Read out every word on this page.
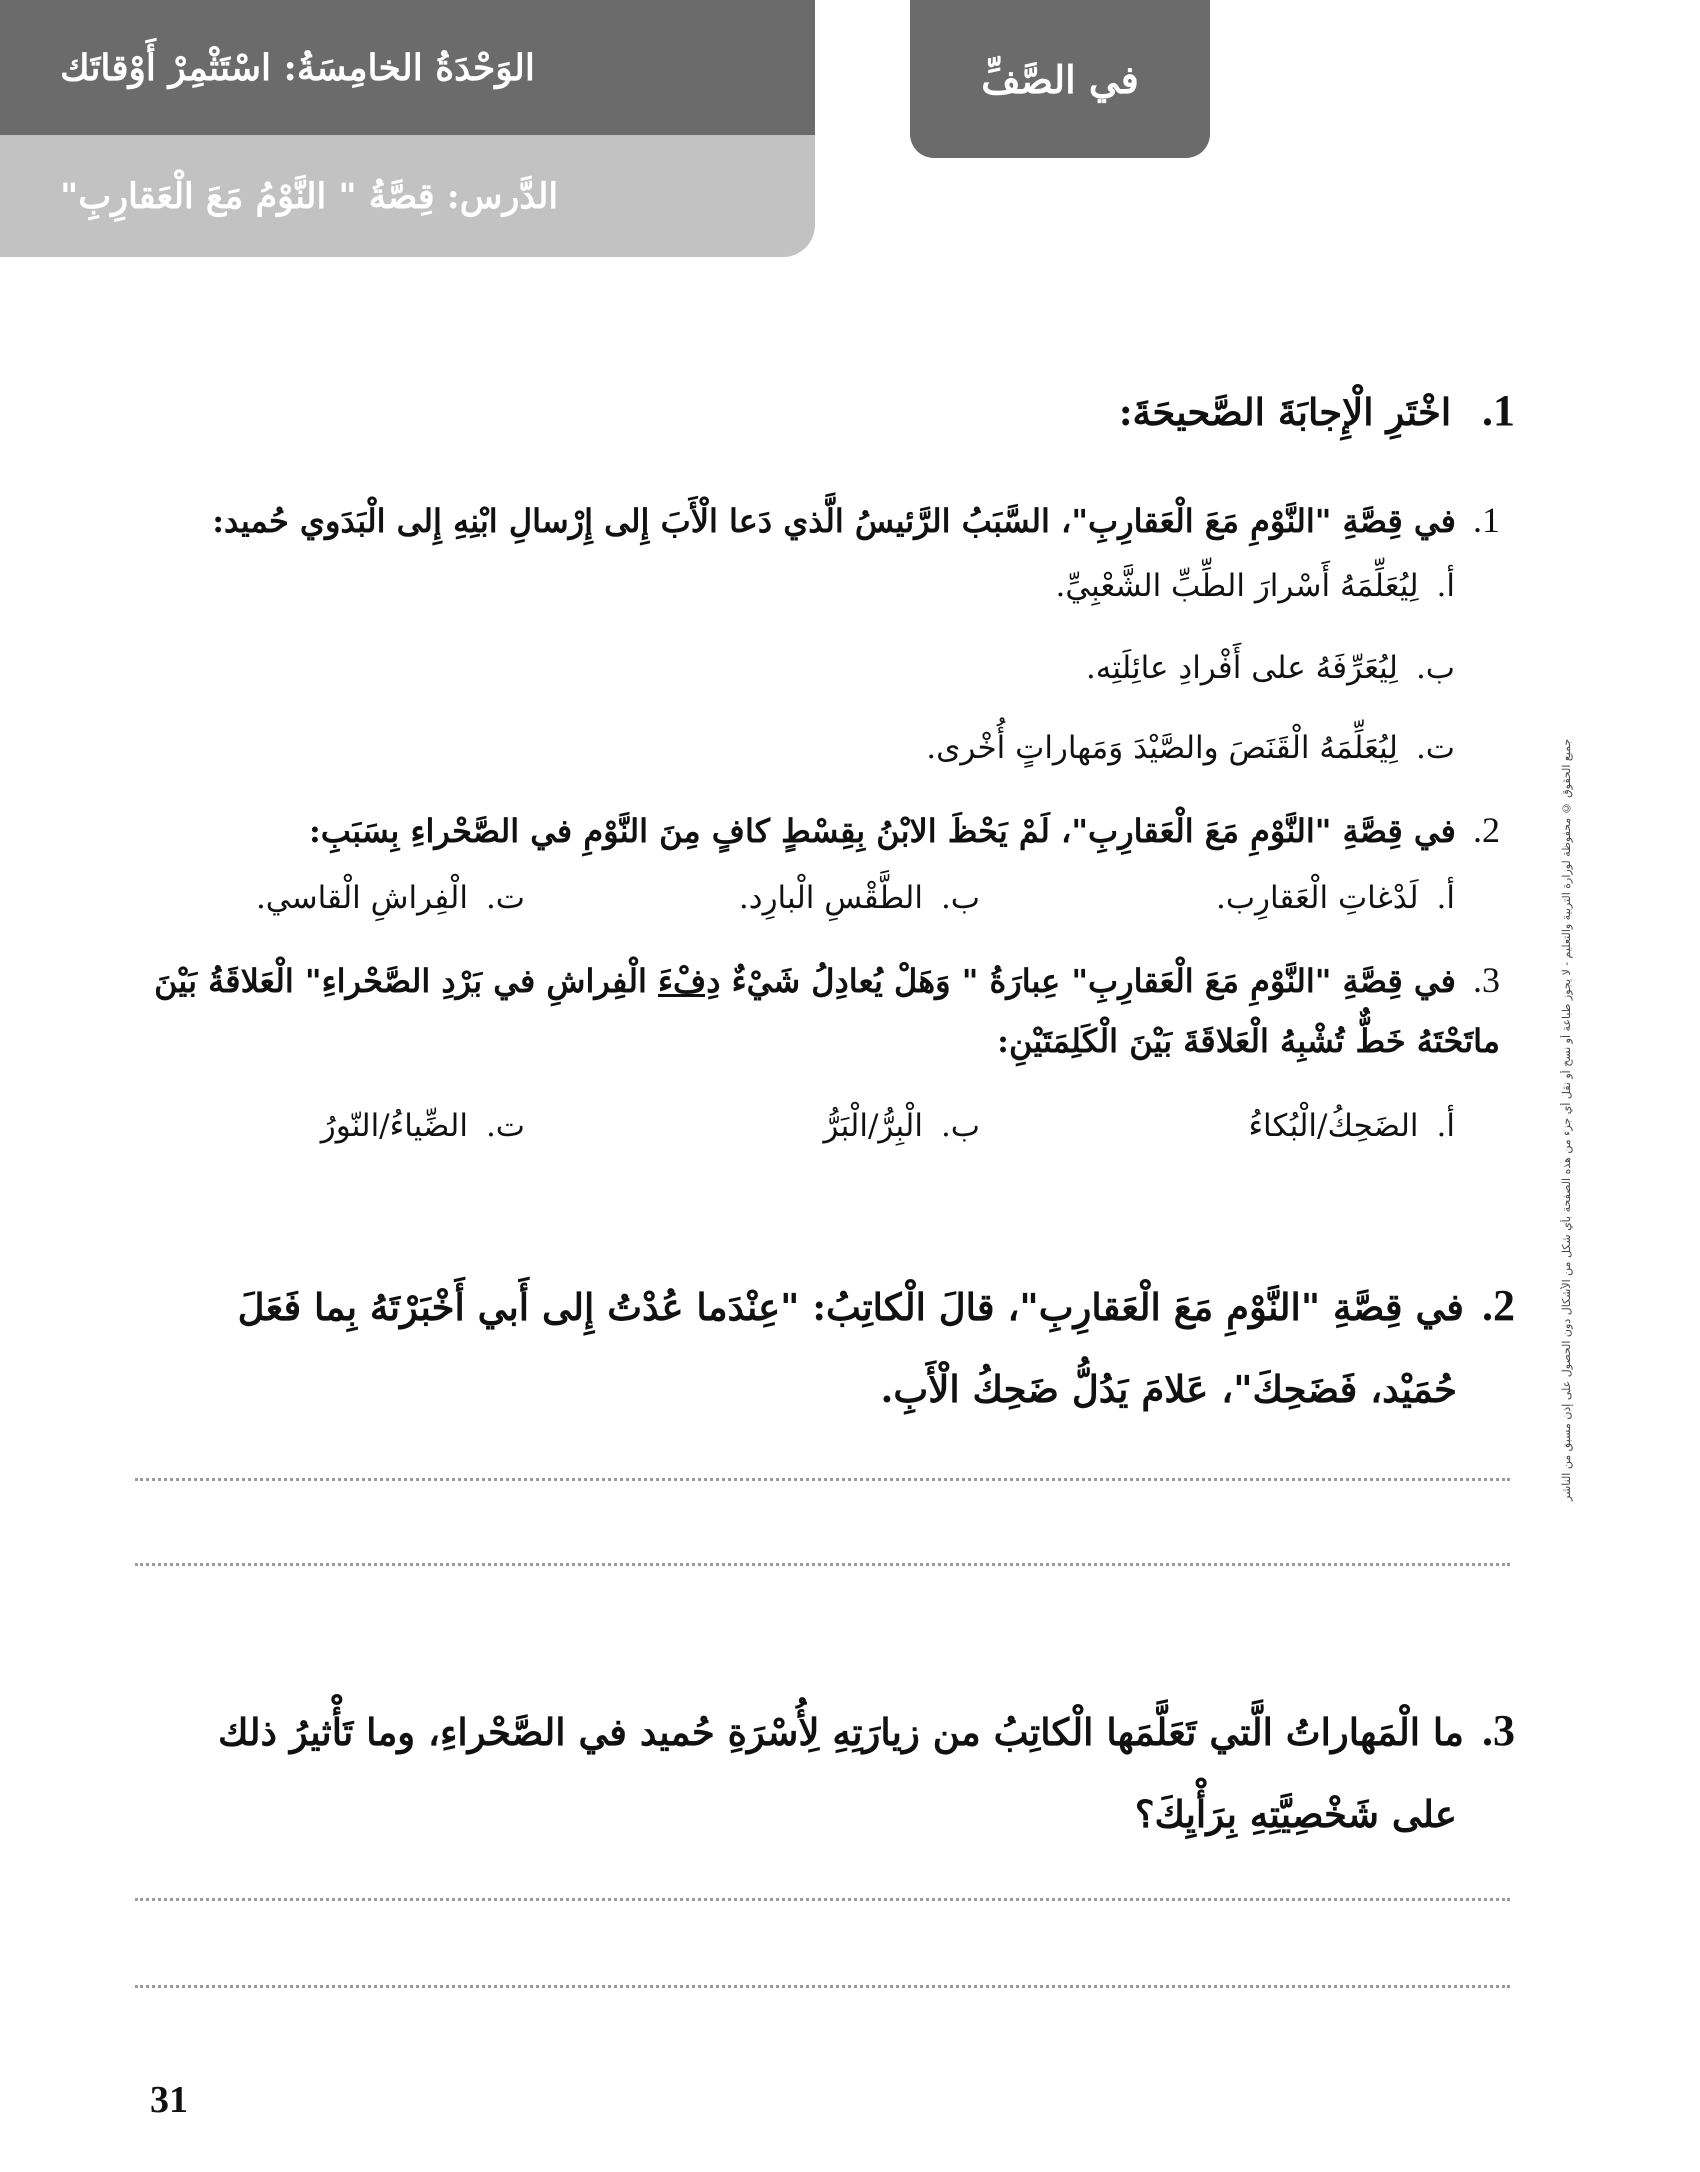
الوَحْدَةُ الخامِسَةُ: اسْتَثْمِرْ أَوْقاتَك
الدَّرس: قِصَّةُ " النَّوْمُ مَعَ الْعَقارِبِ"
في الصَّفِّ
1. اخْتَرِ الْإِجابَةَ الصَّحيحَةَ:
1. في قِصَّةِ "النَّوْمِ مَعَ الْعَقارِبِ"، السَّبَبُ الرَّئيسُ الَّذي دَعا الْأَبَ إِلى إِرْسالِ ابْنِهِ إِلى الْبَدَوي حُميد:
أ.لِيُعَلِّمَهُ أَسْرارَ الطِّبِّ الشَّعْبِيِّ.
ب.لِيُعَرِّفَهُ على أَفْرادِ عائِلَتِه.
ت.لِيُعَلِّمَهُ الْقَنَصَ والصَّيْدَ وَمَهاراتٍ أُخْرى.
2. في قِصَّةِ "النَّوْمِ مَعَ الْعَقارِبِ"، لَمْ يَحْظَ الابْنُ بِقِسْطٍ كافٍ مِنَ النَّوْمِ في الصَّحْراءِ بِسَبَبِ:
أ.لَدْغاتِ الْعَقارِب.
ب.الطَّقْسِ الْبارِد.
ت.الْفِراشِ الْقاسي.
3. في قِصَّةِ "النَّوْمِ مَعَ الْعَقارِبِ" عِبارَةُ " وَهَلْ يُعادِلُ شَيْءٌ دِفْءَ الْفِراشِ في بَرْدِ الصَّحْراءِ" الْعَلاقَةُ بَيْنَ ماتَحْتَهُ خَطٌّ تُشْبِهُ الْعَلاقَةَ بَيْنَ الْكَلِمَتَيْنِ:
أ.الضَحِكُ/الْبُكاءُ
ب.الْبِرُّ/الْبَرُّ
ت.الضِّياءُ/النّورُ
2.في قِصَّةِ "النَّوْمِ مَعَ الْعَقارِبِ"، قالَ الْكاتِبُ: "عِنْدَما عُدْتُ إِلى أَبي أَخْبَرْتَهُ بِما فَعَلَ
حُمَيْد، فَضَحِكَ"، عَلامَ يَدُلُّ ضَحِكُ الْأَبِ.
3.ما الْمَهاراتُ الَّتي تَعَلَّمَها الْكاتِبُ من زيارَتِهِ لِأُسْرَةِ حُميد في الصَّحْراءِ، وما تَأْثيرُ ذلك
على شَخْصِيَّتِهِ بِرَأْيِكَ؟
جميع الحقوق © محفوظة لوزارة التربية والتعليم - لا يجوز طباعة أو نسخ أو نقل أي جزء من هذه الصفحة بأي شكل من الأشكال دون الحصول على إذن مسبق من الناشر
31
